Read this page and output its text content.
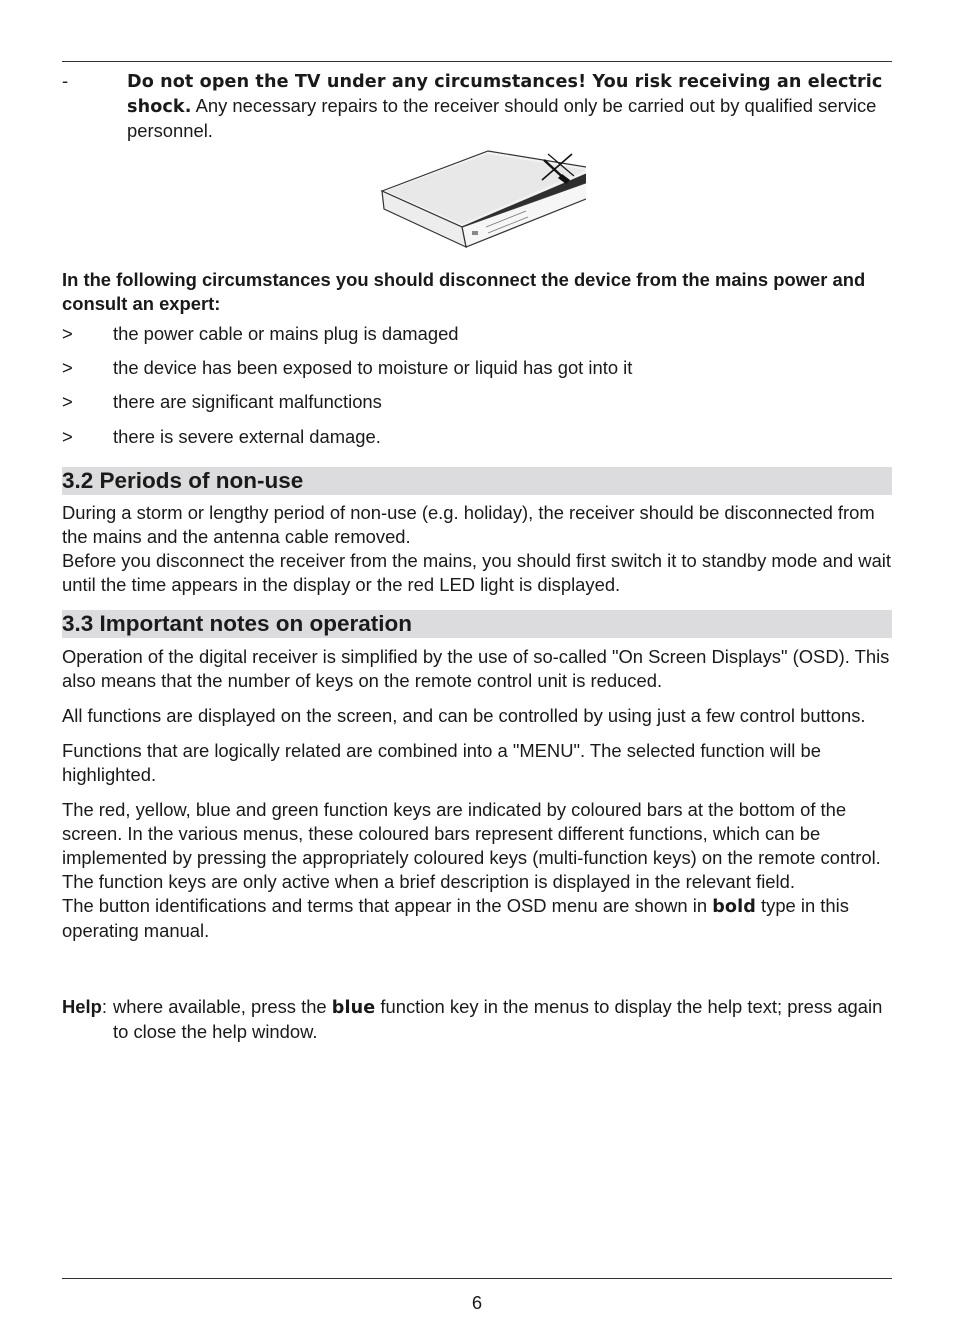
-	Do not open the TV under any circumstances! You risk receiving an electric shock. Any necessary repairs to the receiver should only be carried out by qualified service personnel.
In the following circumstances you should disconnect the device from the mains power and consult an expert:
> the power cable or mains plug is damaged
> the device has been exposed to moisture or liquid has got into it
> there are significant malfunctions
> there is severe external damage.
3.2 Periods of non-use

During a storm or lengthy period of non-use (e.g. holiday), the receiver should be disconnected from the mains and the antenna cable removed.

Before you disconnect the receiver from the mains, you should first switch it to standby mode and wait until the time appears in the display or the red LED light is displayed.

3.3 Important notes on operation

Operation of the digital receiver is simplified by the use of so-called "On Screen Displays" (OSD). This also means that the number of keys on the remote control unit is reduced.

All functions are displayed on the screen, and can be controlled by using just a few control buttons.

Functions that are logically related are combined into a "MENU". The selected function will be highlighted.

The red, yellow, blue and green function keys are indicated by coloured bars at the bottom of the screen. In the various menus, these coloured bars represent different functions, which can be implemented by pressing the appropriately coloured keys (multi-function keys) on the remote control. The function keys are only active when a brief description is displayed in the relevant field.

The button identifications and terms that appear in the OSD menu are shown in bold type in this operating manual.

Help: where available, press the blue function key in the menus to display the help text; press again to close the help window.
6
